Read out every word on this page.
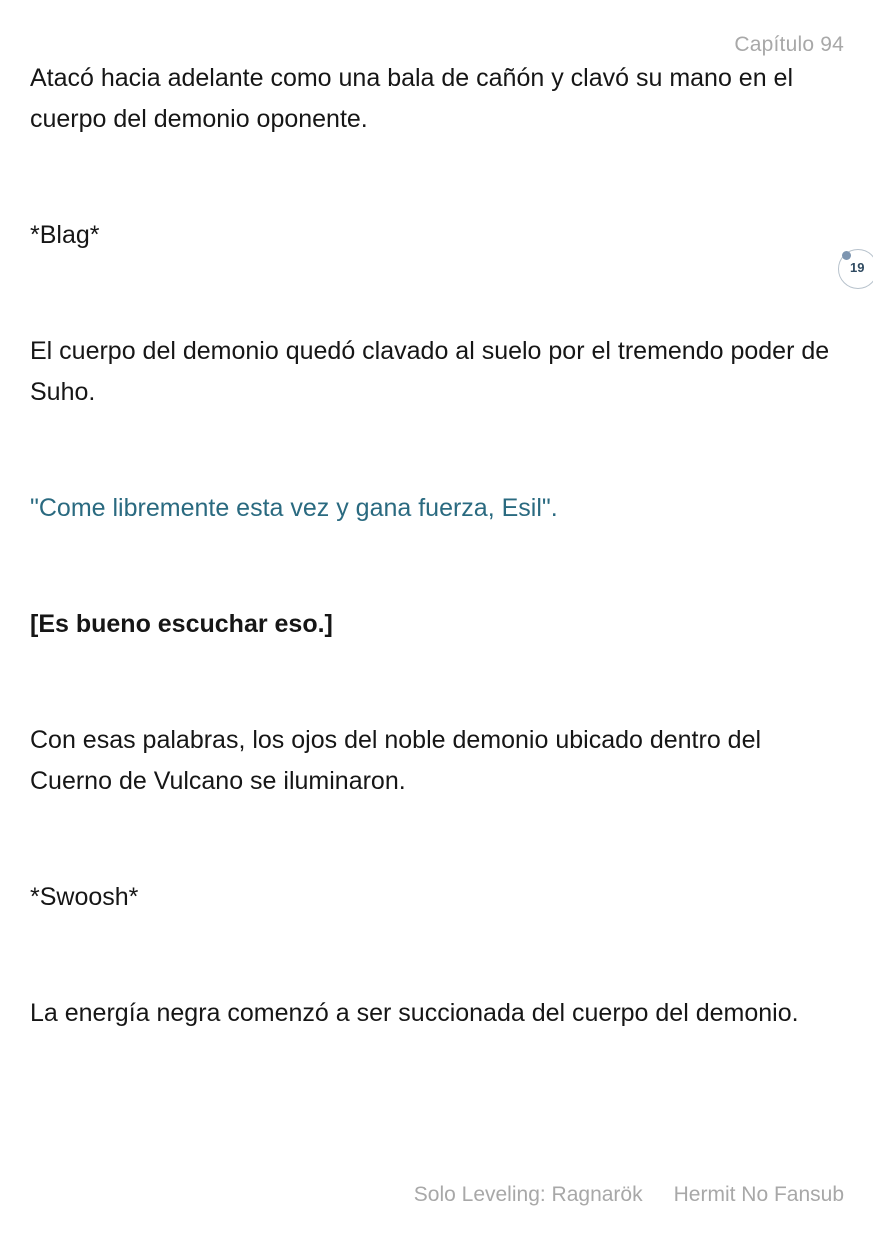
Capítulo 94

Atacó hacia adelante como una bala de cañón y clavó su mano en el cuerpo del demonio oponente.

*Blag*

El cuerpo del demonio quedó clavado al suelo por el tremendo poder de Suho.

"Come libremente esta vez y gana fuerza, Esil".

[Es bueno escuchar eso.]

Con esas palabras, los ojos del noble demonio ubicado dentro del Cuerno de Vulcano se iluminaron.

*Swoosh*

La energía negra comenzó a ser succionada del cuerpo del demonio.

19
Solo Leveling: Ragnarök Hermit No Fansub
